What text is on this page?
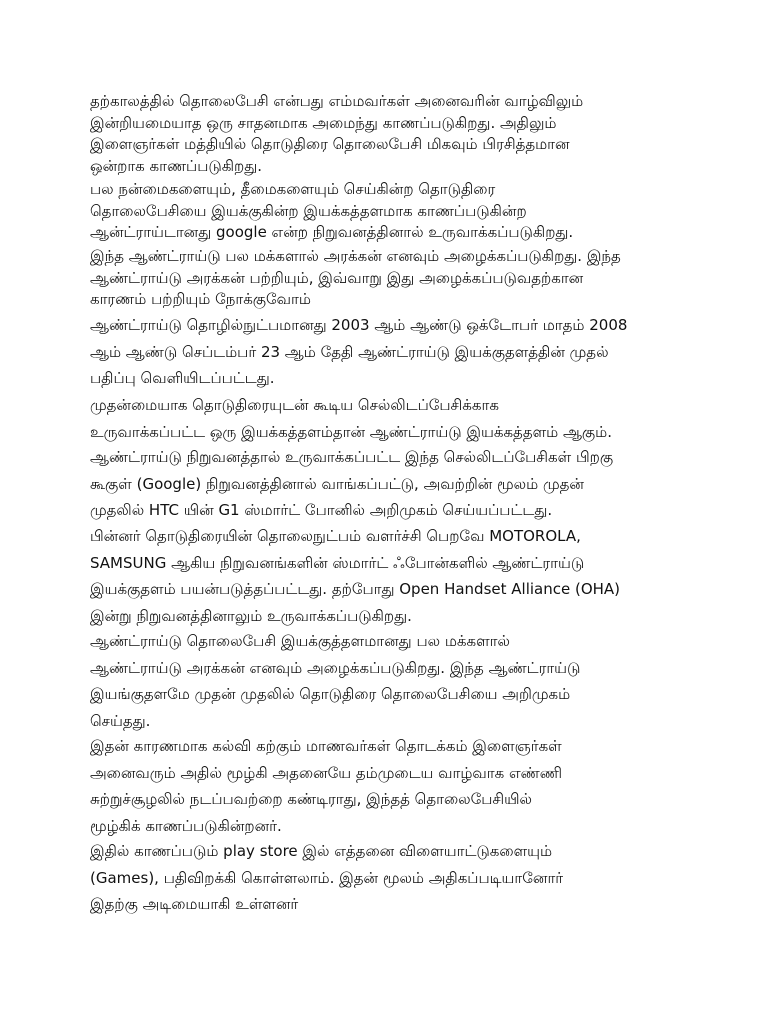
தற்காலத்தில் தொலைபேசி என்பது எம்மவர்கள் அனைவரின் வாழ்விலும்
இன்றியமையாத ஒரு சாதனமாக அமைந்து காணப்படுகிறது. அதிலும்
இளைஞர்கள் மத்தியில் தொடுதிரை தொலைபேசி மிகவும் பிரசித்தமான
ஒன்றாக காணப்படுகிறது.
பல நன்மைகளையும், தீமைகளையும் செய்கின்ற தொடுதிரை
தொலைபேசியை இயக்குகின்ற இயக்கத்தளமாக காணப்படுகின்ற
ஆன்ட்ராய்டானது google என்ற நிறுவனத்தினால் உருவாக்கப்படுகிறது.
இந்த ஆண்ட்ராய்டு பல மக்களால் அரக்கன் எனவும் அழைக்கப்படுகிறது. இந்த
ஆண்ட்ராய்டு அரக்கன் பற்றியும், இவ்வாறு இது அழைக்கப்படுவதற்கான
காரணம் பற்றியும் நோக்குவோம்
ஆண்ட்ராய்டு தொழில்நுட்பமானது 2003 ஆம் ஆண்டு ஒக்டோபர் மாதம் 2008
ஆம் ஆண்டு செப்டம்பர் 23 ஆம் தேதி ஆண்ட்ராய்டு இயக்குதளத்தின் முதல்
பதிப்பு வெளியிடப்பட்டது.
முதன்மையாக தொடுதிரையுடன் கூடிய செல்லிடப்பேசிக்காக
உருவாக்கப்பட்ட ஒரு இயக்கத்தளம்தான் ஆண்ட்ராய்டு இயக்கத்தளம் ஆகும்.
ஆண்ட்ராய்டு நிறுவனத்தால் உருவாக்கப்பட்ட இந்த செல்லிடப்பேசிகள் பிறகு
கூகுள் (Google) நிறுவனத்தினால் வாங்கப்பட்டு, அவற்றின் மூலம் முதன்
முதலில் HTC யின் G1 ஸ்மார்ட் போனில் அறிமுகம் செய்யப்பட்டது.
பின்னர் தொடுதிரையின் தொலைநுட்பம் வளர்ச்சி பெறவே MOTOROLA,
SAMSUNG ஆகிய நிறுவனங்களின் ஸ்மார்ட் ஃபோன்களில் ஆண்ட்ராய்டு
இயக்குதளம் பயன்படுத்தப்பட்டது. தற்போது Open Handset Alliance (OHA)
இன்று நிறுவனத்தினாலும் உருவாக்கப்படுகிறது.
ஆண்ட்ராய்டு தொலைபேசி இயக்குத்தளமானது பல மக்களால்
ஆண்ட்ராய்டு அரக்கன் எனவும் அழைக்கப்படுகிறது. இந்த ஆண்ட்ராய்டு
இயங்குதளமே முதன் முதலில் தொடுதிரை தொலைபேசியை அறிமுகம்
செய்தது.
இதன் காரணமாக கல்வி கற்கும் மாணவர்கள் தொடக்கம் இளைஞர்கள்
அனைவரும் அதில் மூழ்கி அதனையே தம்முடைய வாழ்வாக எண்ணி
சுற்றுச்சூழலில் நடப்பவற்றை கண்டிராது, இந்தத் தொலைபேசியில்
மூழ்கிக் காணப்படுகின்றனர்.
இதில் காணப்படும் play store இல் எத்தனை விளையாட்டுகளையும்
(Games), பதிவிறக்கி கொள்ளலாம். இதன் மூலம் அதிகப்படியானோர்
இதற்கு அடிமையாகி உள்ளனர்
